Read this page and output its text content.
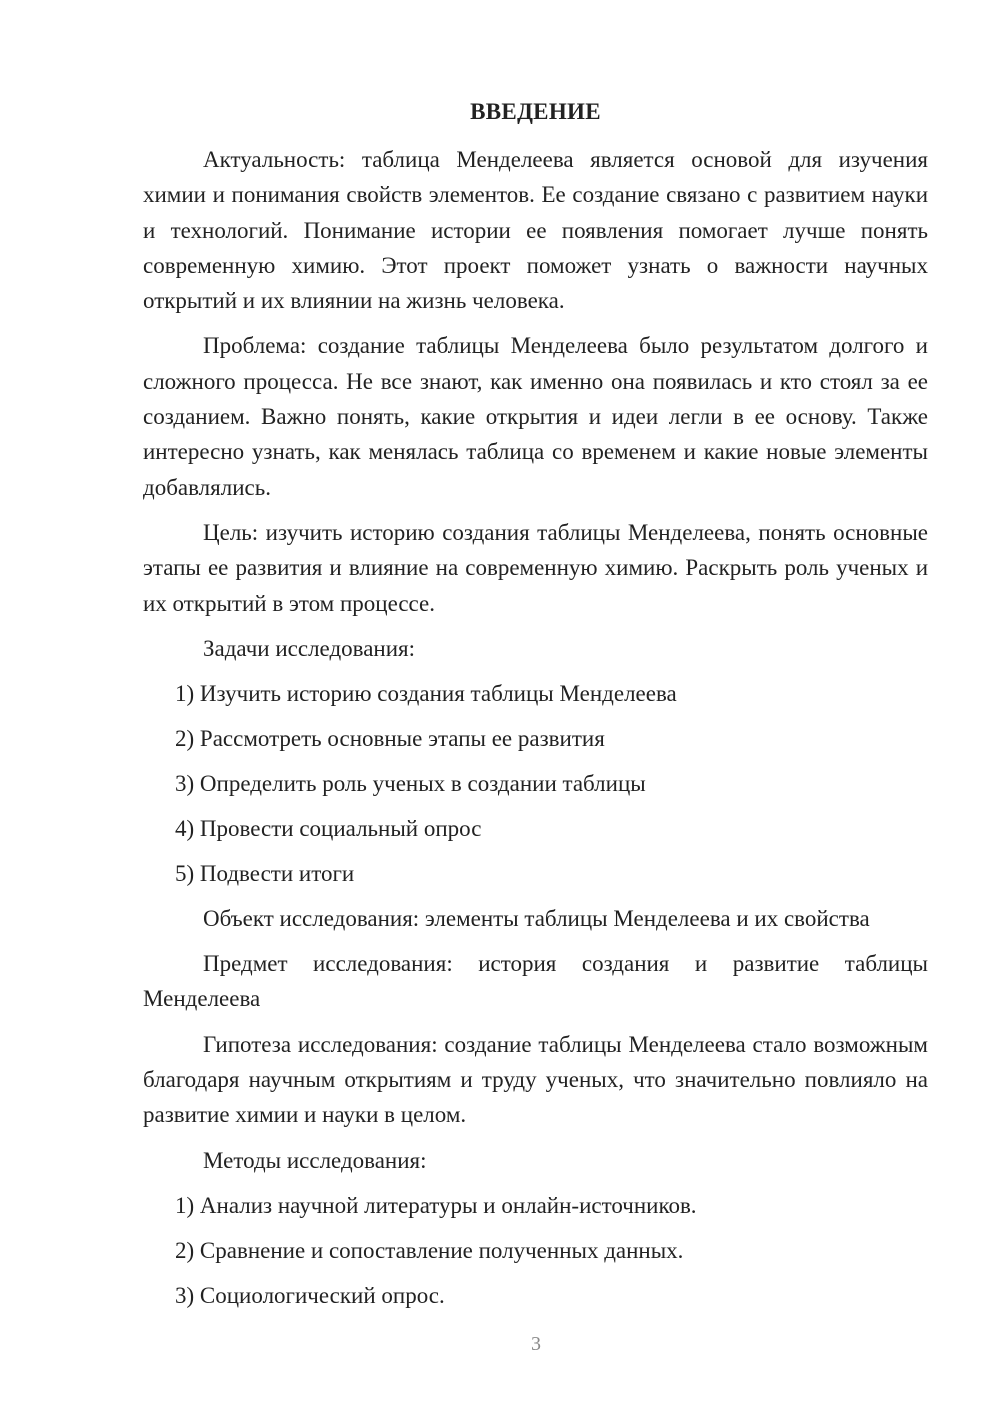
ВВЕДЕНИЕ

Актуальность: таблица Менделеева является основой для изучения химии и понимания свойств элементов. Ее создание связано с развитием науки и технологий. Понимание истории ее появления помогает лучше понять современную химию. Этот проект поможет узнать о важности научных открытий и их влиянии на жизнь человека.

Проблема: создание таблицы Менделеева было результатом долгого и сложного процесса. Не все знают, как именно она появилась и кто стоял за ее созданием. Важно понять, какие открытия и идеи легли в ее основу. Также интересно узнать, как менялась таблица со временем и какие новые элементы добавлялись.

Цель: изучить историю создания таблицы Менделеева, понять основные этапы ее развития и влияние на современную химию. Раскрыть роль ученых и их открытий в этом процессе.

Задачи исследования:

1) Изучить историю создания таблицы Менделеева
2) Рассмотреть основные этапы ее развития
3) Определить роль ученых в создании таблицы
4) Провести социальный опрос
5) Подвести итоги

Объект исследования: элементы таблицы Менделеева и их свойства

Предмет исследования: история создания и развитие таблицы Менделеева

Гипотеза исследования: создание таблицы Менделеева стало возможным благодаря научным открытиям и труду ученых, что значительно повлияло на развитие химии и науки в целом.

Методы исследования:

1) Анализ научной литературы и онлайн-источников.
2) Сравнение и сопоставление полученных данных.
3) Социологический опрос.
3
